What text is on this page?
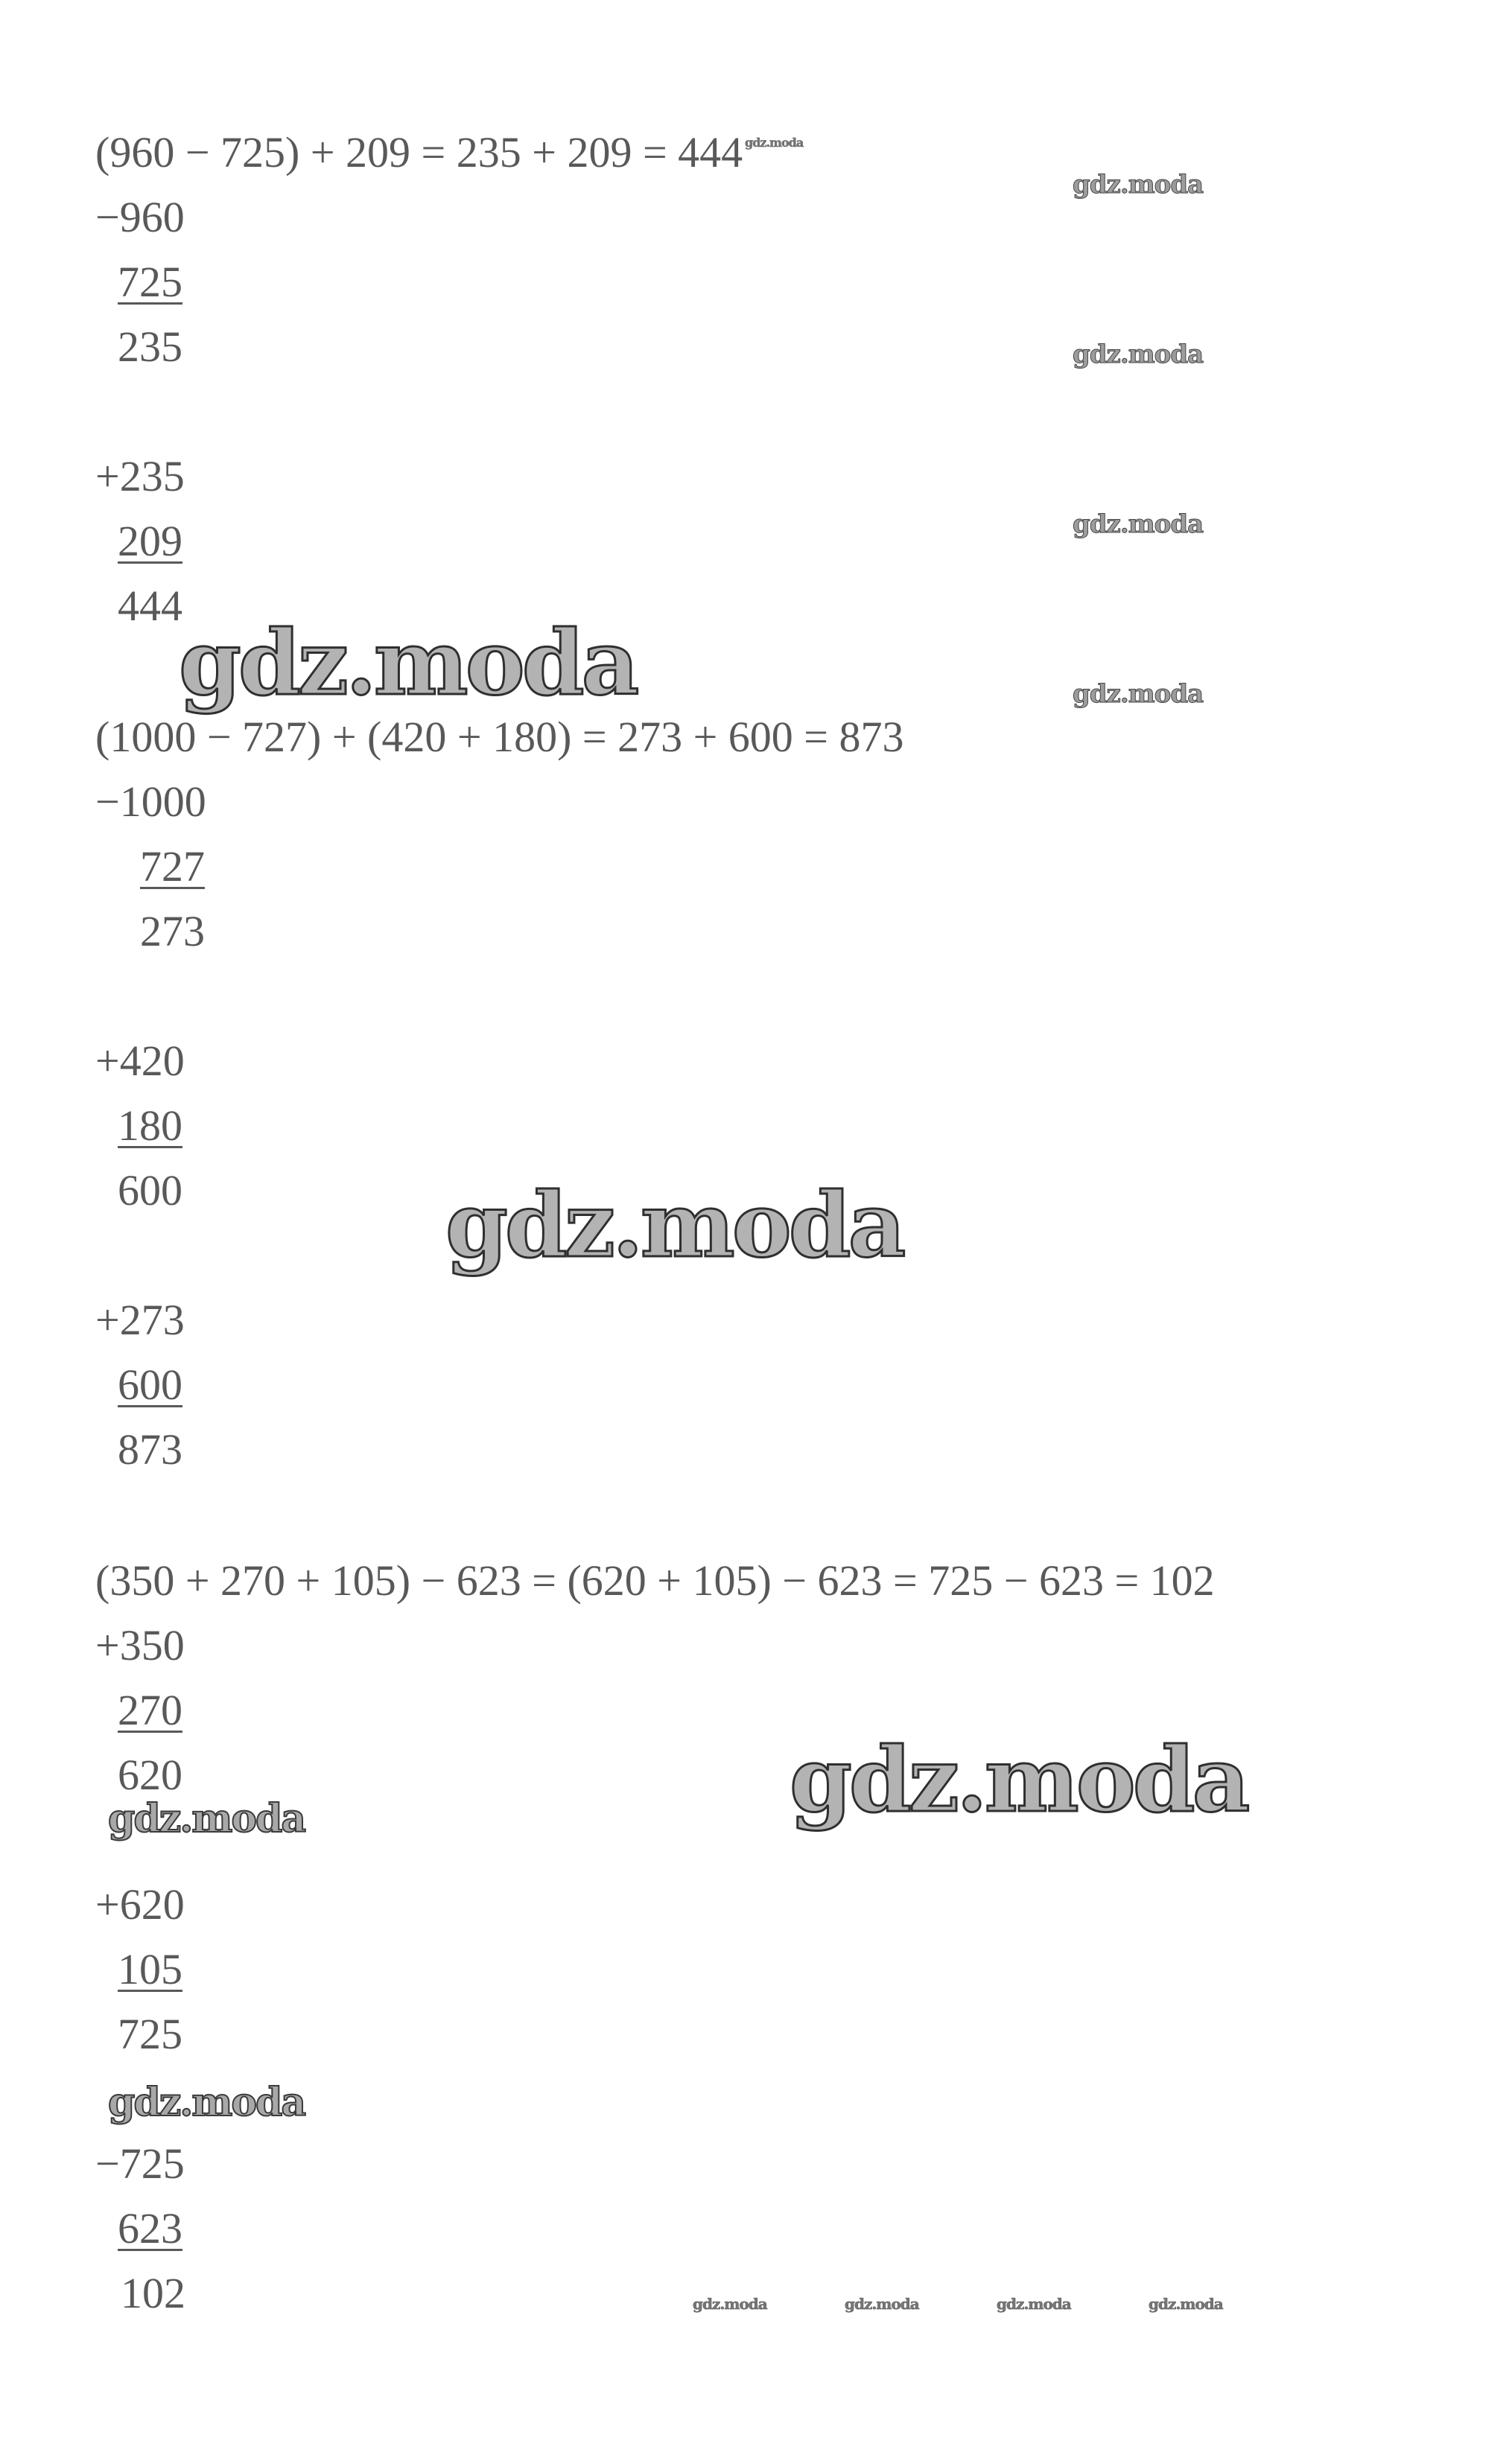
(960 − 725) + 209 = 235 + 209 = 444
−960
725
235
+235
209
444
(1000 − 727) + (420 + 180) = 273 + 600 = 873
−1000
727
273
+420
180
600
+273
600
873
(350 + 270 + 105) − 623 = (620 + 105) − 623 = 725 − 623 = 102
+350
270
620
+620
105
725
−725
623
102
gdz.moda
gdz.moda
gdz.moda
gdz.moda
gdz.moda
gdz.moda
gdz.moda
gdz.moda
gdz.moda
gdz.moda
gdz.moda	gdz.moda	gdz.moda	gdz.moda
